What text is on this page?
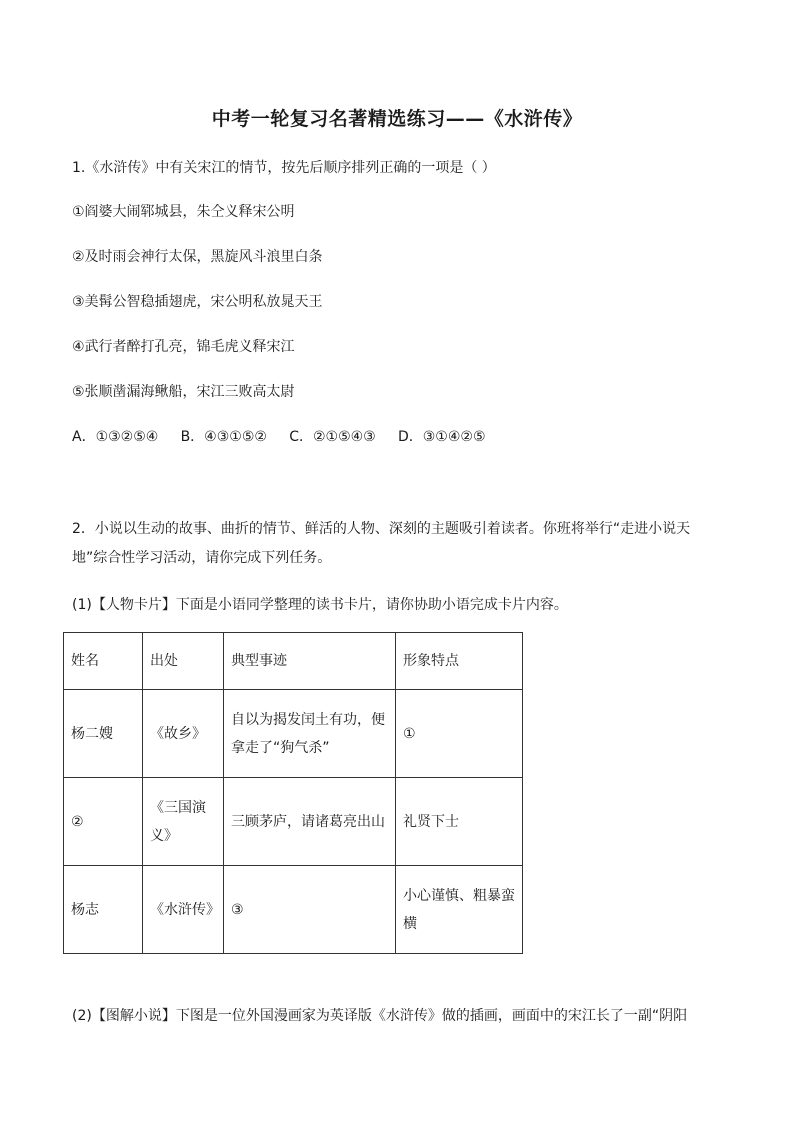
中考一轮复习名著精选练习——《水浒传》
1.《水浒传》中有关宋江的情节，按先后顺序排列正确的一项是（ ）
①阎婆大闹郓城县，朱仝义释宋公明
②及时雨会神行太保，黑旋风斗浪里白条
③美髯公智稳插翅虎，宋公明私放晁天王
④武行者醉打孔亮，锦毛虎义释宋江
⑤张顺凿漏海鳅船，宋江三败高太尉
A．①③②⑤④     B．④③①⑤②     C．②①⑤④③     D．③①④②⑤
2．小说以生动的故事、曲折的情节、鲜活的人物、深刻的主题吸引着读者。你班将举行“走进小说天地”综合性学习活动，请你完成下列任务。
(1)【人物卡片】下面是小语同学整理的读书卡片，请你协助小语完成卡片内容。
姓名	出处	典型事迹	形象特点
杨二嫂	《故乡》	自以为揭发闰土有功，便拿走了“狗气杀”	①
②	《三国演义》	三顾茅庐，请诸葛亮出山	礼贤下士
杨志	《水浒传》	③	小心谨慎、粗暴蛮横
(2)【图解小说】下图是一位外国漫画家为英译版《水浒传》做的插画，画面中的宋江长了一副“阴阳
